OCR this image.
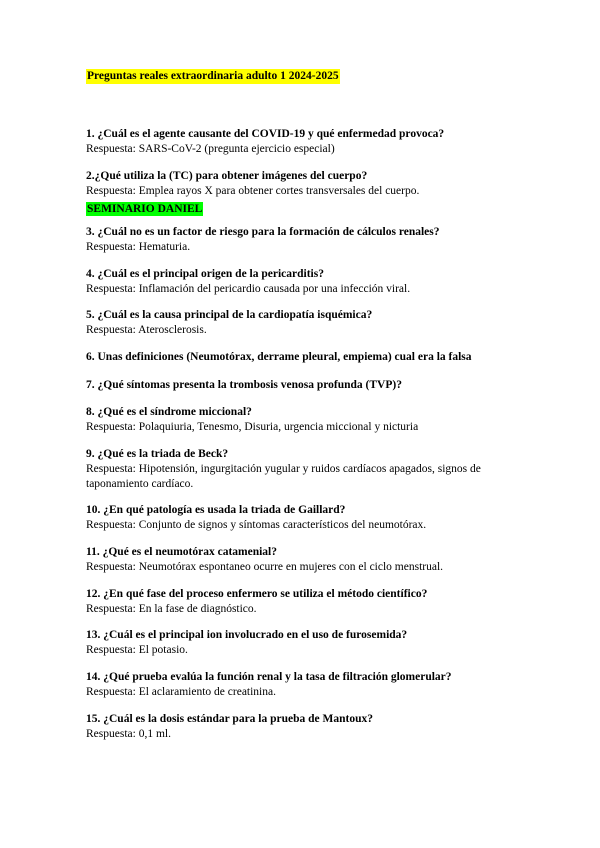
Preguntas reales extraordinaria adulto 1 2024-2025
1. ¿Cuál es el agente causante del COVID-19 y qué enfermedad provoca?
Respuesta: SARS-CoV-2 (pregunta ejercicio especial)
2.¿Qué utiliza la (TC) para obtener imágenes del cuerpo?
Respuesta: Emplea rayos X para obtener cortes transversales del cuerpo.
SEMINARIO DANIEL
3. ¿Cuál no es un factor de riesgo para la formación de cálculos renales?
Respuesta: Hematuria.
4. ¿Cuál es el principal origen de la pericarditis?
Respuesta: Inflamación del pericardio causada por una infección viral.
5. ¿Cuál es la causa principal de la cardiopatía isquémica?
Respuesta: Aterosclerosis.
6. Unas definiciones (Neumotórax, derrame pleural, empiema) cual era la falsa
7. ¿Qué síntomas presenta la trombosis venosa profunda (TVP)?
8. ¿Qué es el síndrome miccional?
Respuesta: Polaquiuria, Tenesmo, Disuria, urgencia miccional y nicturia
9. ¿Qué es la triada de Beck?
Respuesta: Hipotensión, ingurgitación yugular y ruidos cardíacos apagados, signos de taponamiento cardíaco.
10. ¿En qué patología es usada la triada de Gaillard?
Respuesta: Conjunto de signos y síntomas característicos del neumotórax.
11. ¿Qué es el neumotórax catamenial?
Respuesta: Neumotórax espontaneo ocurre en mujeres con el ciclo menstrual.
12. ¿En qué fase del proceso enfermero se utiliza el método científico?
Respuesta: En la fase de diagnóstico.
13. ¿Cuál es el principal ion involucrado en el uso de furosemida?
Respuesta: El potasio.
14. ¿Qué prueba evalúa la función renal y la tasa de filtración glomerular?
Respuesta: El aclaramiento de creatinina.
15. ¿Cuál es la dosis estándar para la prueba de Mantoux?
Respuesta: 0,1 ml.
